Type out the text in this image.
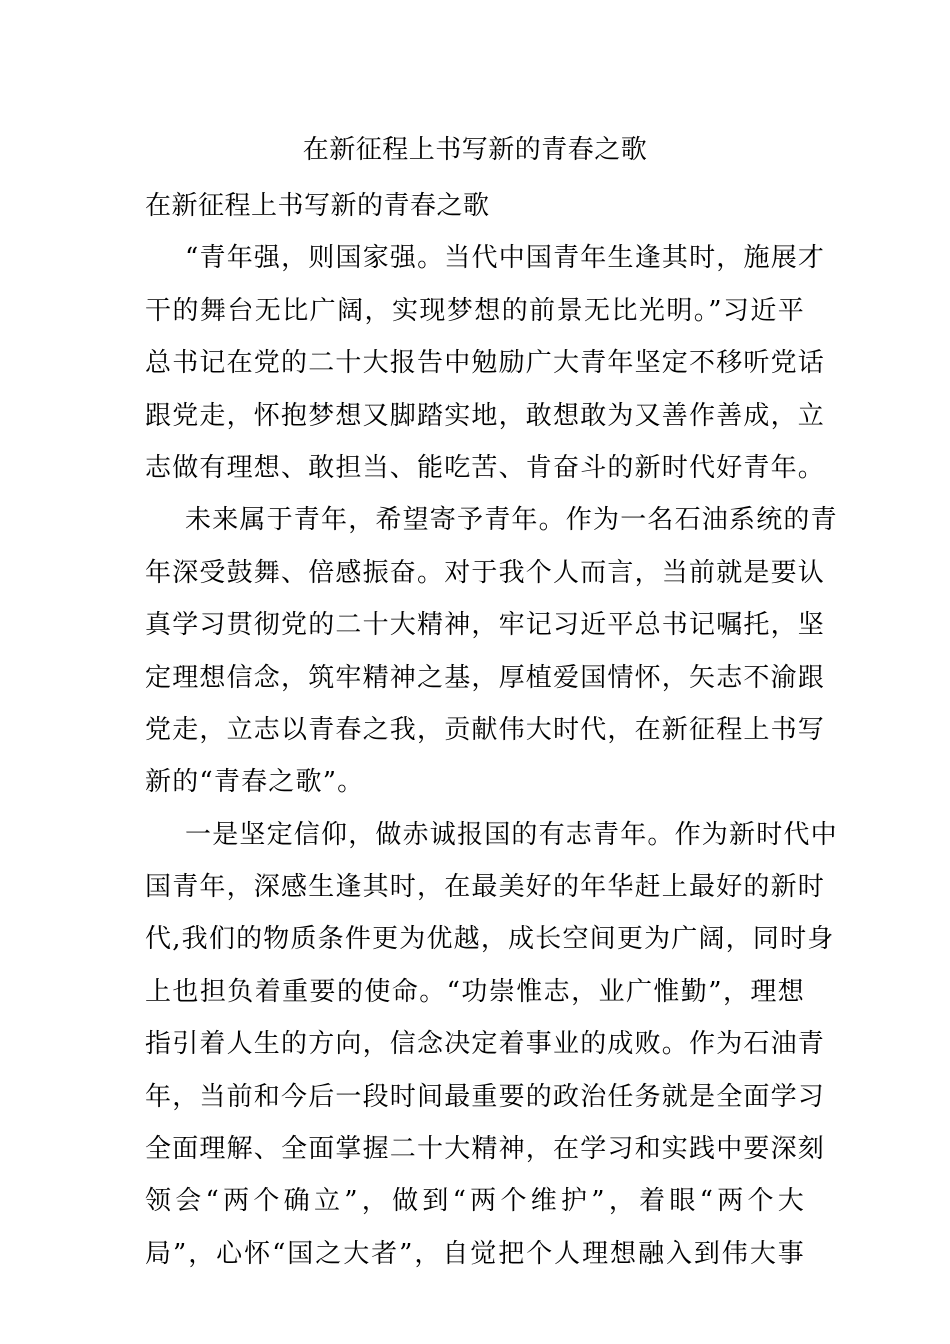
在新征程上书写新的青春之歌
在新征程上书写新的青春之歌
“青年强，则国家强。当代中国青年生逢其时，施展才
干的舞台无比广阔，实现梦想的前景无比光明。”习近平
总书记在党的二十大报告中勉励广大青年坚定不移听党话
跟党走，怀抱梦想又脚踏实地，敢想敢为又善作善成，立
志做有理想、敢担当、能吃苦、肯奋斗的新时代好青年。
未来属于青年，希望寄予青年。作为一名石油系统的青
年深受鼓舞、倍感振奋。对于我个人而言，当前就是要认
真学习贯彻党的二十大精神，牢记习近平总书记嘱托，坚
定理想信念，筑牢精神之基，厚植爱国情怀，矢志不渝跟
党走，立志以青春之我，贡献伟大时代，在新征程上书写
新的“青春之歌”。
一是坚定信仰，做赤诚报国的有志青年。作为新时代中
国青年，深感生逢其时，在最美好的年华赶上最好的新时
代,我们的物质条件更为优越，成长空间更为广阔，同时身
上也担负着重要的使命。“功崇惟志，业广惟勤”，理想
指引着人生的方向，信念决定着事业的成败。作为石油青
年，当前和今后一段时间最重要的政治任务就是全面学习
全面理解、全面掌握二十大精神，在学习和实践中要深刻
领会“两个确立”，做到“两个维护”，着眼“两个大
局”，心怀“国之大者”，自觉把个人理想融入到伟大事
